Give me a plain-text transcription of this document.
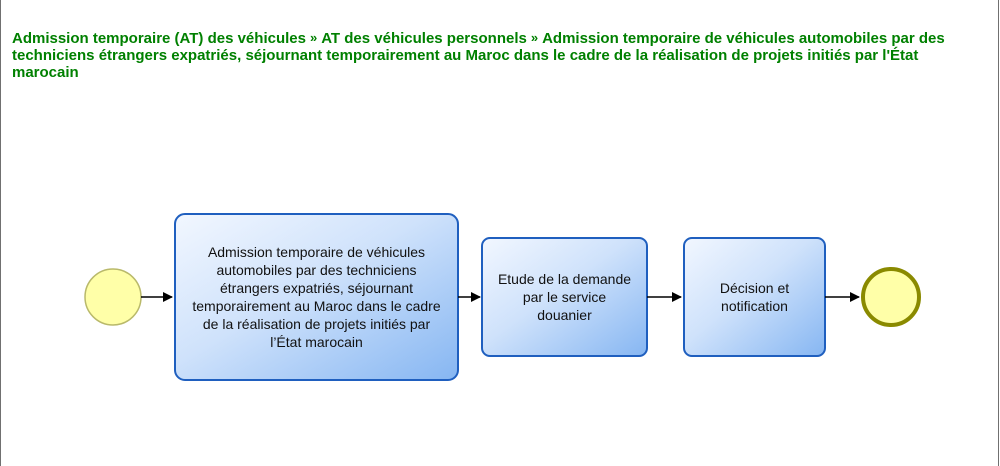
Admission temporaire (AT) des véhicules » AT des véhicules personnels » Admission temporaire de véhicules automobiles par des techniciens étrangers expatriés, séjournant temporairement au Maroc dans le cadre de la réalisation de projets initiés par l'État marocain
Admission temporaire de véhicules automobiles par des techniciens étrangers expatriés, séjournant temporairement au Maroc dans le cadre de la réalisation de projets initiés par l’État marocain
Etude de la demande par le service douanier
Décision et notification
